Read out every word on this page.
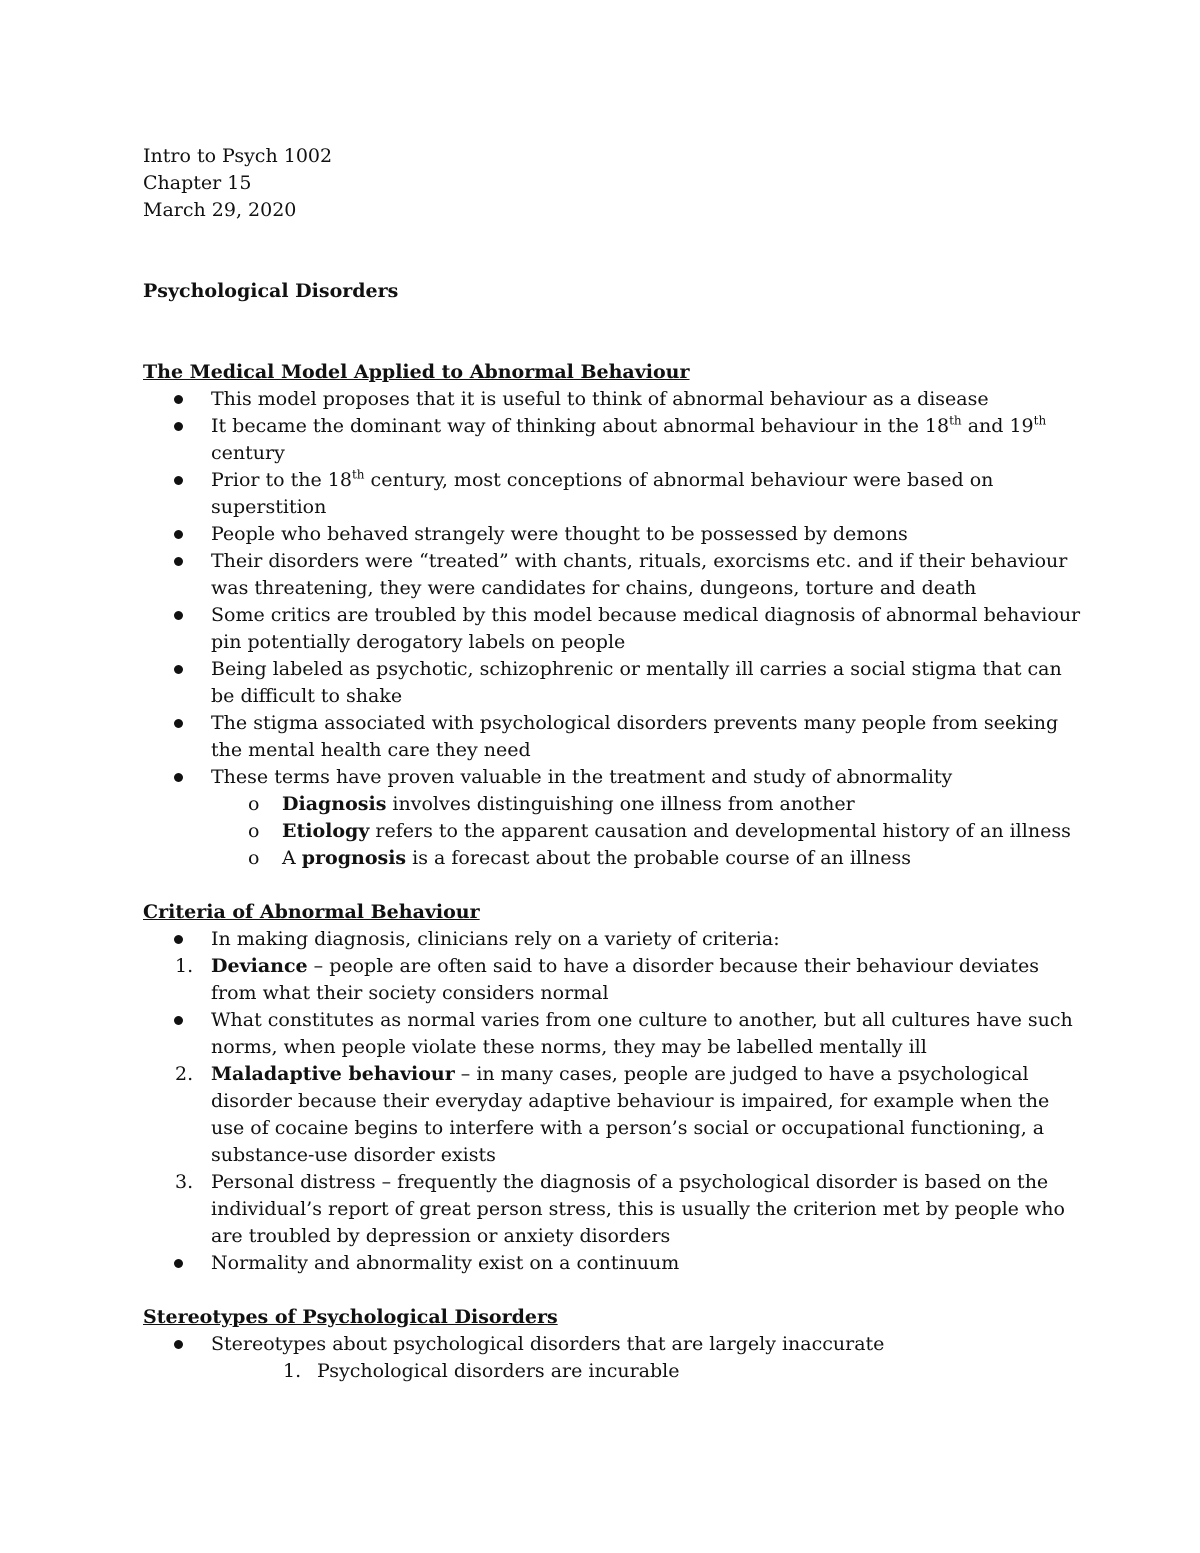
Intro to Psych 1002
Chapter 15
March 29, 2020
Psychological Disorders
The Medical Model Applied to Abnormal Behaviour
This model proposes that it is useful to think of abnormal behaviour as a disease
It became the dominant way of thinking about abnormal behaviour in the 18th and 19th century
Prior to the 18th century, most conceptions of abnormal behaviour were based on superstition
People who behaved strangely were thought to be possessed by demons
Their disorders were “treated” with chants, rituals, exorcisms etc. and if their behaviour was threatening, they were candidates for chains, dungeons, torture and death
Some critics are troubled by this model because medical diagnosis of abnormal behaviour pin potentially derogatory labels on people
Being labeled as psychotic, schizophrenic or mentally ill carries a social stigma that can be difficult to shake
The stigma associated with psychological disorders prevents many people from seeking the mental health care they need
These terms have proven valuable in the treatment and study of abnormality
o Diagnosis involves distinguishing one illness from another
o Etiology refers to the apparent causation and developmental history of an illness
o A prognosis is a forecast about the probable course of an illness
Criteria of Abnormal Behaviour
In making diagnosis, clinicians rely on a variety of criteria:
1. Deviance – people are often said to have a disorder because their behaviour deviates from what their society considers normal
What constitutes as normal varies from one culture to another, but all cultures have such norms, when people violate these norms, they may be labelled mentally ill
2. Maladaptive behaviour – in many cases, people are judged to have a psychological disorder because their everyday adaptive behaviour is impaired, for example when the use of cocaine begins to interfere with a person’s social or occupational functioning, a substance-use disorder exists
3. Personal distress – frequently the diagnosis of a psychological disorder is based on the individual’s report of great person stress, this is usually the criterion met by people who are troubled by depression or anxiety disorders
Normality and abnormality exist on a continuum
Stereotypes of Psychological Disorders
Stereotypes about psychological disorders that are largely inaccurate
1. Psychological disorders are incurable
